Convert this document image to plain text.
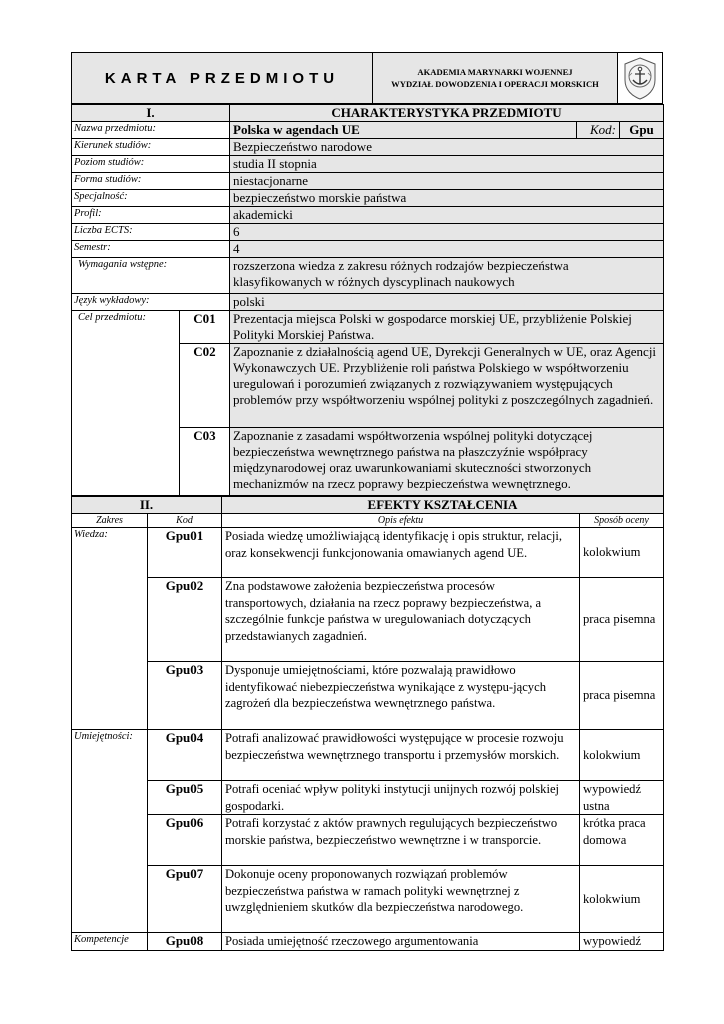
KARTA PRZEDMIOTU	AKADEMIA MARYNARKI WOJENNEJ
WYDZIAŁ DOWODZENIA I OPERACJI MORSKICH
I.		CHARAKTERYSTYKA PRZEDMIOTU		
Nazwa przedmiotu:		Polska w agendach UE	Kod:	Gpu
Kierunek studiów:		Bezpieczeństwo narodowe		
Poziom studiów:		studia II stopnia		
Forma studiów:		niestacjonarne		
Specjalność:		bezpieczeństwo morskie państwa		
Profil:		akademicki		
Liczba ECTS:		6		
Semestr:		4		
Wymagania wstępne:		rozszerzona wiedza z zakresu różnych rodzajów bezpieczeństwa klasyfikowanych w różnych dyscyplinach naukowych		
Język wykładowy:		polski		
Cel przedmiotu:	C01	Prezentacja miejsca Polski w gospodarce morskiej UE, przybliżenie Polskiej Polityki Morskiej Państwa.		
	C02	Zapoznanie z działalnością agend UE, Dyrekcji Generalnych w UE, oraz Agencji Wykonawczych UE. Przybliżenie roli państwa Polskiego w współtworzeniu uregulowań i porozumień związanych z rozwiązywaniem występujących problemów przy współtworzeniu wspólnej polityki z poszczególnych zagadnień.		
	C03	Zapoznanie z zasadami współtworzenia wspólnej polityki dotyczącej bezpieczeństwa wewnętrznego państwa na płaszczyźnie współpracy międzynarodowej oraz uwarunkowaniami skuteczności stworzonych mechanizmów na rzecz poprawy bezpieczeństwa wewnętrznego.		
II.		EFEKTY KSZTAŁCENIA	
Zakres	Kod	Opis efektu	Sposób oceny
Wiedza:	Gpu01	Posiada wiedzę umożliwiającą identyfikację i opis struktur, relacji, oraz konsekwencji funkcjonowania omawianych agend UE.	kolokwium
	Gpu02	Zna podstawowe założenia bezpieczeństwa procesów transportowych, działania na rzecz poprawy bezpieczeństwa, a szczególnie funkcje państwa w uregulowaniach dotyczących przedstawianych zagadnień.	praca pisemna
	Gpu03	Dysponuje umiejętnościami, które pozwalają prawidłowo identyfikować niebezpieczeństwa wynikające z występu-jących zagrożeń dla bezpieczeństwa wewnętrznego państwa.	praca pisemna
Umiejętności:	Gpu04	Potrafi analizować prawidłowości występujące w procesie rozwoju bezpieczeństwa wewnętrznego transportu i przemysłów morskich.	kolokwium
	Gpu05	Potrafi oceniać wpływ polityki instytucji unijnych rozwój polskiej gospodarki.	wypowiedź ustna
	Gpu06	Potrafi korzystać z aktów prawnych regulujących bezpieczeństwo morskie państwa, bezpieczeństwo wewnętrzne i w transporcie.	krótka praca domowa
	Gpu07	Dokonuje oceny proponowanych rozwiązań problemów bezpieczeństwa państwa w ramach polityki wewnętrznej z uwzględnieniem skutków dla bezpieczeństwa narodowego.	kolokwium
Kompetencje	Gpu08	Posiada umiejętność rzeczowego argumentowania	wypowiedź
